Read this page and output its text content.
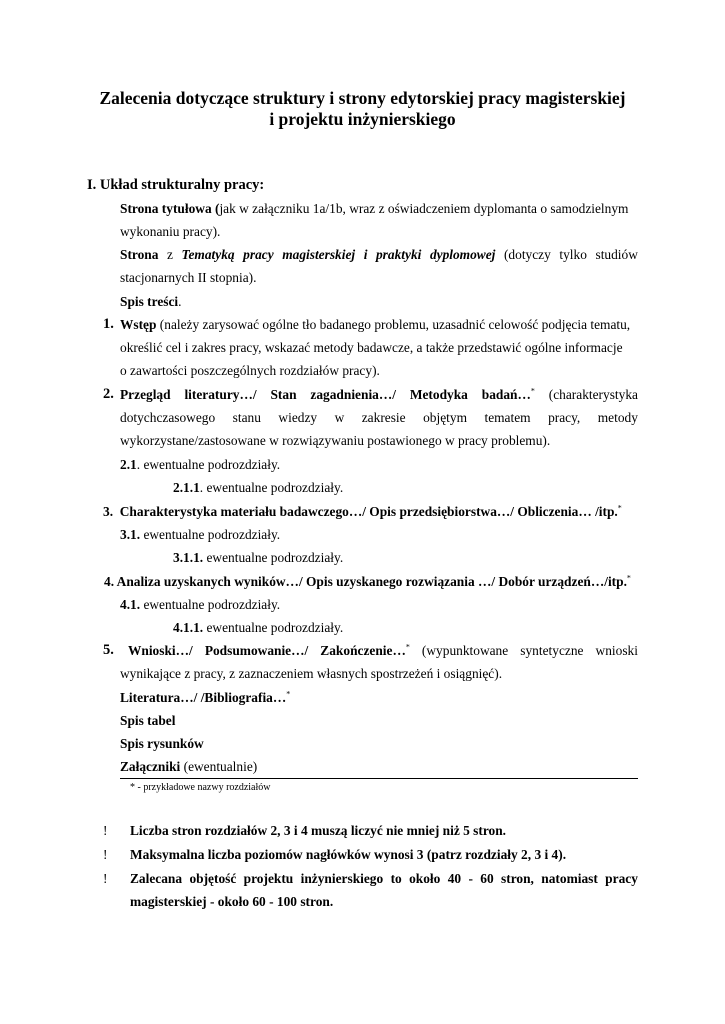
Zalecenia dotyczące struktury i strony edytorskiej pracy magisterskiej
i projektu inżynierskiego
I. Układ strukturalny pracy:
Strona tytułowa (jak w załączniku 1a/1b, wraz z oświadczeniem dyplomanta o samodzielnym
wykonaniu pracy).
Strona z Tematyką pracy magisterskiej i praktyki dyplomowej (dotyczy tylko studiów
stacjonarnych II stopnia).
Spis treści.
1. Wstęp (należy zarysować ogólne tło badanego problemu, uzasadnić celowość podjęcia tematu,
określić cel i zakres pracy, wskazać metody badawcze, a także przedstawić ogólne informacje
o zawartości poszczególnych rozdziałów pracy).
2. Przegląd literatury…/ Stan zagadnienia…/ Metodyka badań…* (charakterystyka
dotychczasowego stanu wiedzy w zakresie objętym tematem pracy, metody
wykorzystane/zastosowane w rozwiązywaniu postawionego w pracy problemu).
2.1. ewentualne podrozdziały.
2.1.1. ewentualne podrozdziały.
3. Charakterystyka materiału badawczego…/ Opis przedsiębiorstwa…/ Obliczenia… /itp.*
3.1. ewentualne podrozdziały.
3.1.1. ewentualne podrozdziały.
4. Analiza uzyskanych wyników…/ Opis uzyskanego rozwiązania …/ Dobór urządzeń…/itp.*
4.1. ewentualne podrozdziały.
4.1.1. ewentualne podrozdziały.
5. Wnioski…/ Podsumowanie…/ Zakończenie…* (wypunktowane syntetyczne wnioski
wynikające z pracy, z zaznaczeniem własnych spostrzeżeń i osiągnięć).
Literatura…/ /Bibliografia…*
Spis tabel
Spis rysunków
Załączniki (ewentualnie)
* - przykładowe nazwy rozdziałów
! Liczba stron rozdziałów 2, 3 i 4 muszą liczyć nie mniej niż 5 stron.
! Maksymalna liczba poziomów nagłówków wynosi 3 (patrz rozdziały 2, 3 i 4).
! Zalecana objętość projektu inżynierskiego to około 40 - 60 stron, natomiast pracy
magisterskiej - około 60 - 100 stron.
